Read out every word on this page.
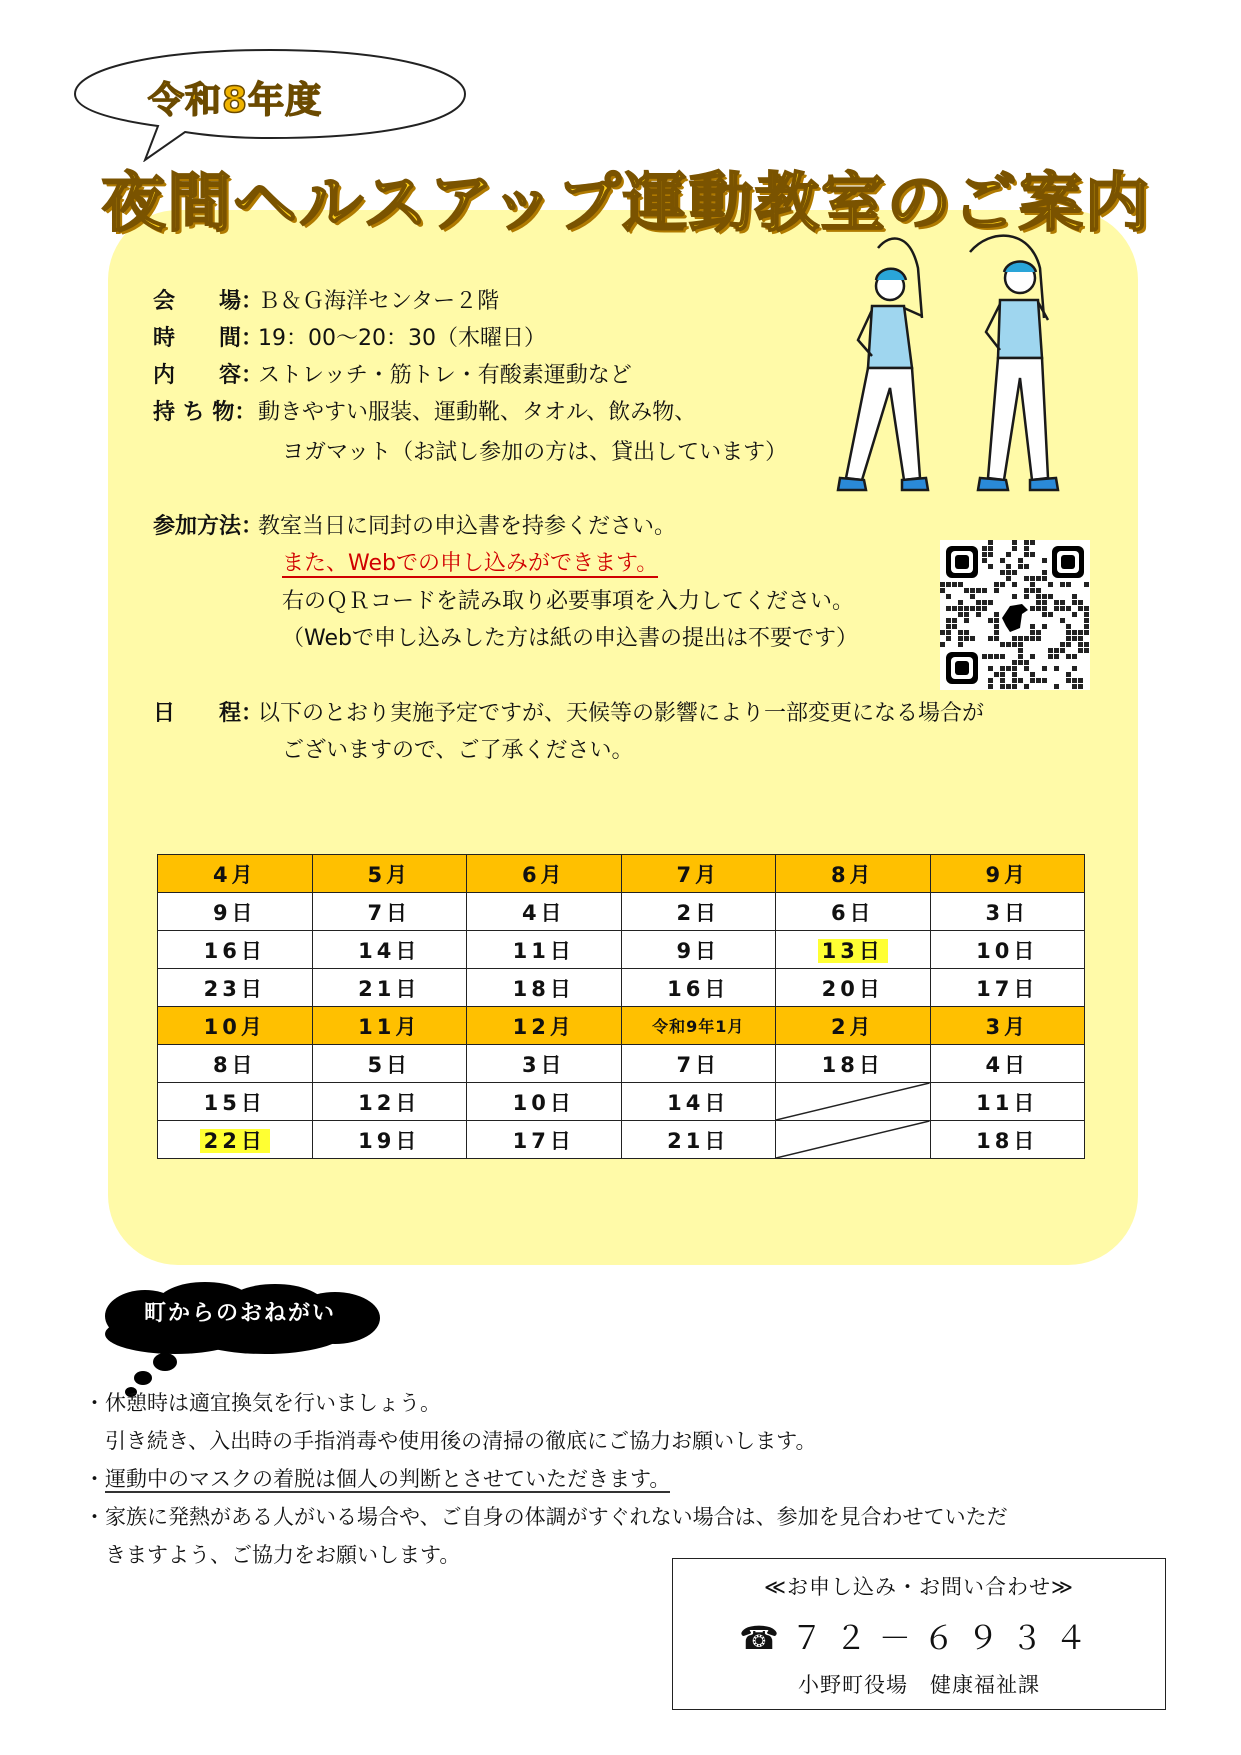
令和8年度
夜間ヘルスアップ運動教室のご案内
会　　場：
Ｂ＆Ｇ海洋センター２階
時　　間：
19：00～20：30（木曜日）
内　　容：
ストレッチ・筋トレ・有酸素運動など
持 ち 物： 動きやすい服装、運動靴、タオル、飲み物、
ヨガマット（お試し参加の方は、貸出しています）
参加方法：
教室当日に同封の申込書を持参ください。
また、Webでの申し込みができます。
右のＱＲコードを読み取り必要事項を入力してください。
（Webで申し込みした方は紙の申込書の提出は不要です）
日　　程：
以下のとおり実施予定ですが、天候等の影響により一部変更になる場合が
ございますので、ご了承ください。
4月	5月	6月	7月	8月	9月
9日	7日	4日	2日	6日	3日
16日	14日	11日	9日	13日	10日
23日	21日	18日	16日	20日	17日
10月	11月	12月	令和9年1月	2月	3月
8日	5日	3日	7日	18日	4日
15日	12日	10日	14日		11日
22日	19日	17日	21日		18日
町からのおねがい
・休憩時は適宜換気を行いましょう。
　引き続き、入出時の手指消毒や使用後の清掃の徹底にご協力お願いします。
・運動中のマスクの着脱は個人の判断とさせていただきます。
・家族に発熱がある人がいる場合や、ご自身の体調がすぐれない場合は、参加を見合わせていただ
　きますよう、ご協力をお願いします。
≪お申し込み・お問い合わせ≫
☎７２－６９３４
小野町役場　健康福祉課
